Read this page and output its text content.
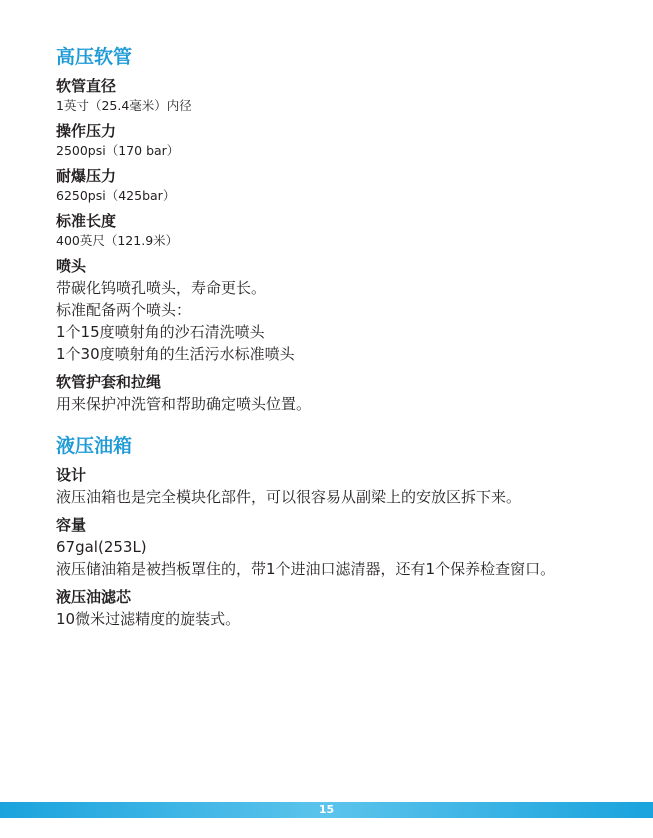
高压软管

软管直径

1英寸（25.4毫米）内径

操作压力

2500psi（170 bar）

耐爆压力

6250psi（425bar）

标准长度

400英尺（121.9米）

喷头

带碳化钨喷孔喷头，寿命更长。

标准配备两个喷头：

1个15度喷射角的沙石清洗喷头

1个30度喷射角的生活污水标准喷头

软管护套和拉绳

用来保护冲洗管和帮助确定喷头位置。

液压油箱

设计

液压油箱也是完全模块化部件，可以很容易从副梁上的安放区拆下来。

容量

67gal(253L)

液压储油箱是被挡板罩住的，带1个进油口滤清器，还有1个保养检查窗口。

液压油滤芯

10微米过滤精度的旋装式。

15
